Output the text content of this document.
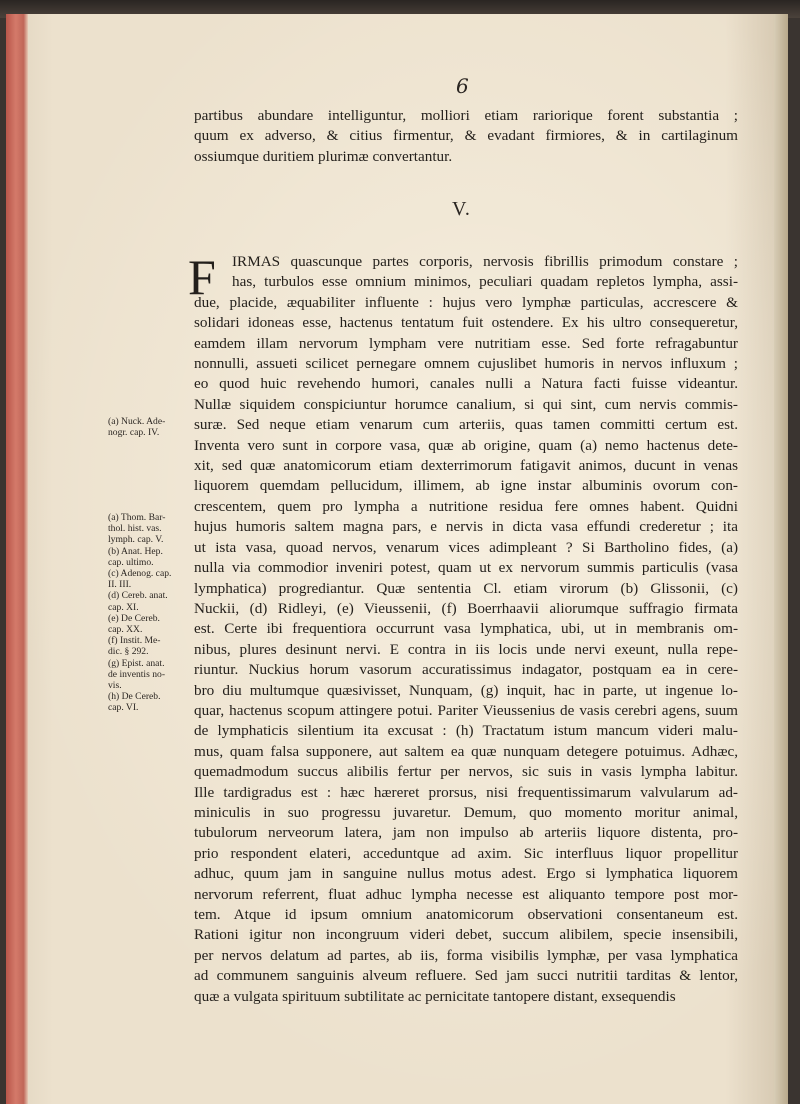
6
partibus abundare intelliguntur, molliori etiam rariorique forent substantia ;
quum ex adverso, & citius firmentur, & evadant firmiores, & in cartilaginum
ossiumque duritiem plurimæ convertantur.
V.
F	IRMAS quascunque partes corporis, nervosis fibrillis primodum constare ;
has, turbulos esse omnium minimos, peculiari quadam repletos lympha, assi-
due, placide, æquabiliter influente : hujus vero lymphæ particulas, accrescere &
solidari idoneas esse, hactenus tentatum fuit ostendere. Ex his ultro consequeretur,
eamdem illam nervorum lympham vere nutritiam esse. Sed forte refragabuntur
nonnulli, assueti scilicet pernegare omnem cujuslibet humoris in nervos influxum ;
eo quod huic revehendo humori, canales nulli a Natura facti fuisse videantur.
Nullæ siquidem conspiciuntur horumce canalium, si qui sint, cum nervis commis-
suræ. Sed neque etiam venarum cum arteriis, quas tamen committi certum est.
Inventa vero sunt in corpore vasa, quæ ab origine, quam (a) nemo hactenus dete-
xit, sed quæ anatomicorum etiam dexterrimorum fatigavit animos, ducunt in venas
liquorem quemdam pellucidum, illimem, ab igne instar albuminis ovorum con-
crescentem, quem pro lympha a nutritione residua fere omnes habent. Quidni
hujus humoris saltem magna pars, e nervis in dicta vasa effundi crederetur ; ita
ut ista vasa, quoad nervos, venarum vices adimpleant ? Si Bartholino fides, (a)
nulla via commodior inveniri potest, quam ut ex nervorum summis particulis (vasa
lymphatica) progrediantur. Quæ sententia Cl. etiam virorum (b) Glissonii, (c)
Nuckii, (d) Ridleyi, (e) Vieussenii, (f) Boerrhaavii aliorumque suffragio firmata
est. Certe ibi frequentiora occurrunt vasa lymphatica, ubi, ut in membranis om-
nibus, plures desinunt nervi. E contra in iis locis unde nervi exeunt, nulla repe-
riuntur. Nuckius horum vasorum accuratissimus indagator, postquam ea in cere-
bro diu multumque quæsivisset, Nunquam, (g) inquit, hac in parte, ut ingenue lo-
quar, hactenus scopum attingere potui. Pariter Vieussenius de vasis cerebri agens, suum
de lymphaticis silentium ita excusat : (h) Tractatum istum mancum videri malu-
mus, quam falsa supponere, aut saltem ea quæ nunquam detegere potuimus. Adhæc,
quemadmodum succus alibilis fertur per nervos, sic suis in vasis lympha labitur.
Ille tardigradus est : hæc hæreret prorsus, nisi frequentissimarum valvularum ad-
miniculis in suo progressu juvaretur. Demum, quo momento moritur animal,
tubulorum nerveorum latera, jam non impulso ab arteriis liquore distenta, pro-
prio respondent elateri, acceduntque ad axim. Sic interfluus liquor propellitur
adhuc, quum jam in sanguine nullus motus adest. Ergo si lymphatica liquorem
nervorum referrent, fluat adhuc lympha necesse est aliquanto tempore post mor-
tem. Atque id ipsum omnium anatomicorum observationi consentaneum est.
Rationi igitur non incongruum videri debet, succum alibilem, specie insensibili,
per nervos delatum ad partes, ab iis, forma visibilis lymphæ, per vasa lymphatica
ad communem sanguinis alveum refluere. Sed jam succi nutritii tarditas & lentor,
quæ a vulgata spirituum subtilitate ac pernicitate tantopere distant, exsequendis
(a) Nuck. Ade-
nogr. cap. IV.
(a) Thom. Bar-
thol. hist. vas.
lymph. cap. V.
(b) Anat. Hep.
cap. ultimo.
(c) Adenog. cap.
II. III.
(d) Cereb. anat.
cap. XI.
(e) De Cereb.
cap. XX.
(f) Instit. Me-
dic. § 292.
(g) Epist. anat.
de inventis no-
vis.
(h) De Cereb.
cap. VI.
